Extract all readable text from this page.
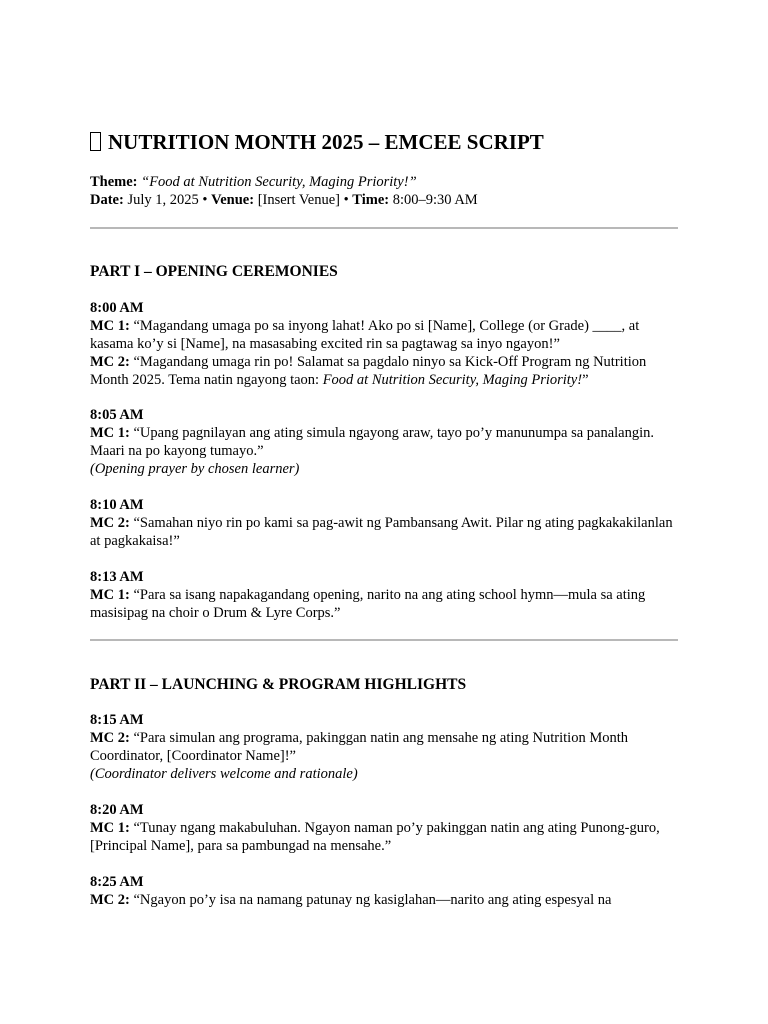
NUTRITION MONTH 2025 – EMCEE SCRIPT
Theme: “Food at Nutrition Security, Maging Priority!”
Date: July 1, 2025 • Venue: [Insert Venue] • Time: 8:00–9:30 AM
PART I – OPENING CEREMONIES

8:00 AM

MC 1: “Magandang umaga po sa inyong lahat! Ako po si [Name], College (or Grade) ____, at kasama ko’y si [Name], na masasabing excited rin sa pagtawag sa inyo ngayon!”

MC 2: “Magandang umaga rin po! Salamat sa pagdalo ninyo sa Kick-Off Program ng Nutrition Month 2025. Tema natin ngayong taon: Food at Nutrition Security, Maging Priority!”

8:05 AM

MC 1: “Upang pagnilayan ang ating simula ngayong araw, tayo po’y manunumpa sa panalangin. Maari na po kayong tumayo.”

(Opening prayer by chosen learner)

8:10 AM

MC 2: “Samahan niyo rin po kami sa pag-awit ng Pambansang Awit. Pilar ng ating pagkakakilanlan at pagkakaisa!”

8:13 AM

MC 1: “Para sa isang napakagandang opening, narito na ang ating school hymn—mula sa ating masisipag na choir o Drum & Lyre Corps.”

PART II – LAUNCHING & PROGRAM HIGHLIGHTS

8:15 AM

MC 2: “Para simulan ang programa, pakinggan natin ang mensahe ng ating Nutrition Month Coordinator, [Coordinator Name]!”

(Coordinator delivers welcome and rationale)

8:20 AM

MC 1: “Tunay ngang makabuluhan. Ngayon naman po’y pakinggan natin ang ating Punong-guro, [Principal Name], para sa pambungad na mensahe.”

8:25 AM

MC 2: “Ngayon po’y isa na namang patunay ng kasiglahan—narito ang ating espesyal na
